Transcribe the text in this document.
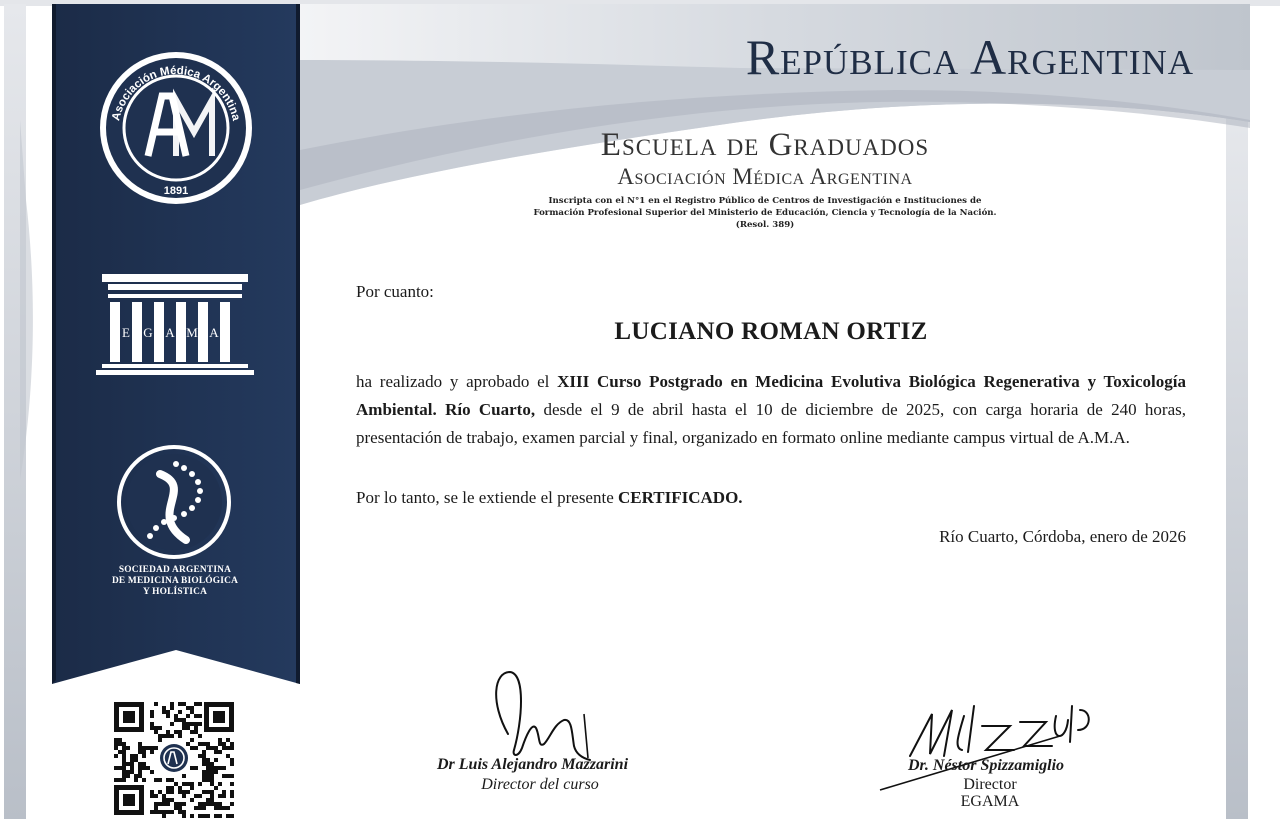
Asociación Médica Argentina
1891
E G A M A
SOCIEDAD ARGENTINA
DE MEDICINA BIOLÓGICA
Y HOLÍSTICA
República Argentina
Escuela de Graduados
Asociación Médica Argentina
Inscripta con el N°1 en el Registro Público de Centros de Investigación e Instituciones de
Formación Profesional Superior del Ministerio de Educación, Ciencia y Tecnología de la Nación.
(Resol. 389)
Por cuanto:
LUCIANO ROMAN ORTIZ
ha realizado y aprobado el XIII Curso Postgrado en Medicina Evolutiva Biológica Regenerativa y Toxicología Ambiental. Río Cuarto, desde el 9 de abril hasta el 10 de diciembre de 2025, con carga horaria de 240 horas, presentación de trabajo, examen parcial y final, organizado en formato online mediante campus virtual de A.M.A.
Por lo tanto, se le extiende el presente CERTIFICADO.
Río Cuarto, Córdoba, enero de 2026
Dr Luis Alejandro Mazzarini
Director del curso
Dr. Néstor Spizzamiglio
Director
EGAMA
